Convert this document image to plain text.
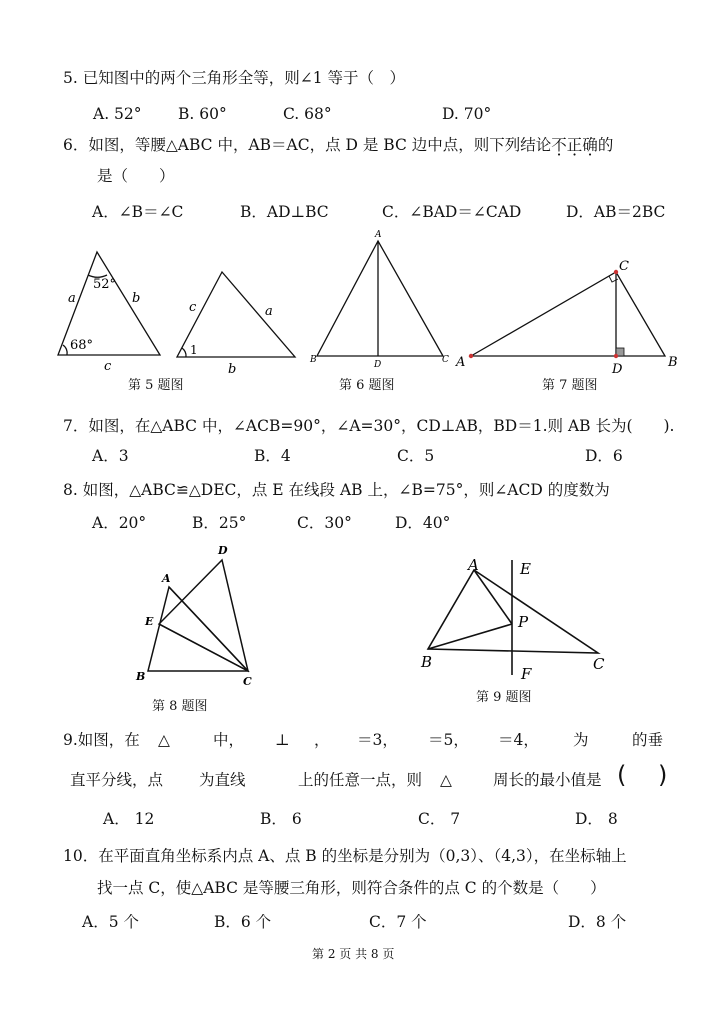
5. 已知图中的两个三角形全等，则∠1 等于（　）
A. 52° B. 60°	C. 68°	D. 70°
6．如图，等腰△ABC 中，AB＝AC，点 D 是 BC 边中点，则下列结论不正确的
是（　　）
A．∠B＝∠C	B．AD⊥BC	C．∠BAD＝∠CAD	D．AB＝2BC
52°
a	b
68°
c
c	a
1
b
A
B	C
D	A
C
D	B
第 5 题图	第 6 题图	第 7 题图
7．如图，在△ABC 中，∠ACB=90°，∠A=30°，CD⊥AB，BD＝1.则 AB 长为(　　).
A．3	B．4	C．5	D．6
8. 如图，△ABC≌△DEC，点 E 在线段 AB 上，∠B=75°，则∠ACD 的度数为
A．20°	B．25°	C．30°	D．40°
A
D
E
B	C
A	E
P
B	C
F
第 8 题图
第 9 题图
9.如图，在 △	中， ⊥ ， ＝3， ＝5， ＝4， 为	的垂
直平分线，点 为直线	上的任意一点，则 △	周长的最小值是 ( )
A． 12	B． 6	C． 7	D． 8
10．在平面直角坐标系内点 A、点 B 的坐标是分别为（0,3）、（4,3），在坐标轴上
找一点 C，使△ABC 是等腰三角形，则符合条件的点 C 的个数是（　　）
A．5 个	B．6 个	C．7 个	D．8 个
第 2 页 共 8 页
